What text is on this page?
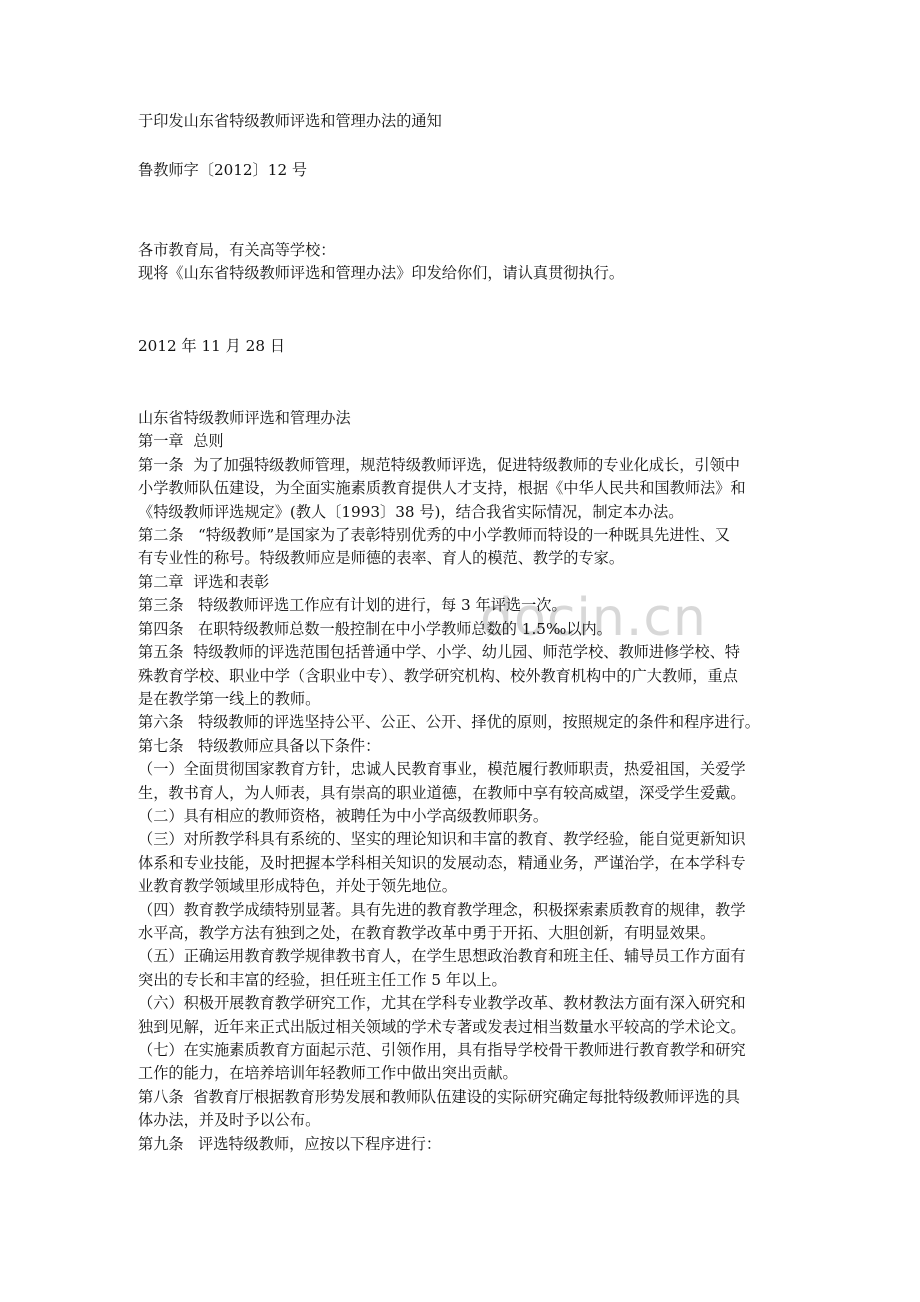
docin.cn

于印发山东省特级教师评选和管理办法的通知

鲁教师字〔2012〕12 号

各市教育局，有关高等学校：

现将《山东省特级教师评选和管理办法》印发给你们，请认真贯彻执行。

2012 年 11 月 28 日

山东省特级教师评选和管理办法

第一章  总则

第一条  为了加强特级教师管理，规范特级教师评选，促进特级教师的专业化成长，引领中

小学教师队伍建设，为全面实施素质教育提供人才支持，根据《中华人民共和国教师法》和

《特级教师评选规定》(教人〔1993〕38 号)，结合我省实际情况，制定本办法。

第二条   “特级教师”是国家为了表彰特别优秀的中小学教师而特设的一种既具先进性、又

有专业性的称号。特级教师应是师德的表率、育人的模范、教学的专家。

第二章  评选和表彰

第三条   特级教师评选工作应有计划的进行，每 3 年评选一次。

第四条   在职特级教师总数一般控制在中小学教师总数的 1.5‰以内。

第五条  特级教师的评选范围包括普通中学、小学、幼儿园、师范学校、教师进修学校、特

殊教育学校、职业中学（含职业中专）、教学研究机构、校外教育机构中的广大教师，重点

是在教学第一线上的教师。

第六条   特级教师的评选坚持公平、公正、公开、择优的原则，按照规定的条件和程序进行。

第七条   特级教师应具备以下条件：

（一）全面贯彻国家教育方针，忠诚人民教育事业，模范履行教师职责，热爱祖国，关爱学

生，教书育人，为人师表，具有崇高的职业道德，在教师中享有较高威望，深受学生爱戴。

（二）具有相应的教师资格，被聘任为中小学高级教师职务。

（三）对所教学科具有系统的、坚实的理论知识和丰富的教育、教学经验，能自觉更新知识

体系和专业技能，及时把握本学科相关知识的发展动态，精通业务，严谨治学，在本学科专

业教育教学领域里形成特色，并处于领先地位。

（四）教育教学成绩特别显著。具有先进的教育教学理念，积极探索素质教育的规律，教学

水平高，教学方法有独到之处，在教育教学改革中勇于开拓、大胆创新，有明显效果。

（五）正确运用教育教学规律教书育人，在学生思想政治教育和班主任、辅导员工作方面有

突出的专长和丰富的经验，担任班主任工作 5 年以上。

（六）积极开展教育教学研究工作，尤其在学科专业教学改革、教材教法方面有深入研究和

独到见解，近年来正式出版过相关领域的学术专著或发表过相当数量水平较高的学术论文。

（七）在实施素质教育方面起示范、引领作用，具有指导学校骨干教师进行教育教学和研究

工作的能力，在培养培训年轻教师工作中做出突出贡献。

第八条  省教育厅根据教育形势发展和教师队伍建设的实际研究确定每批特级教师评选的具

体办法，并及时予以公布。

第九条   评选特级教师，应按以下程序进行：
